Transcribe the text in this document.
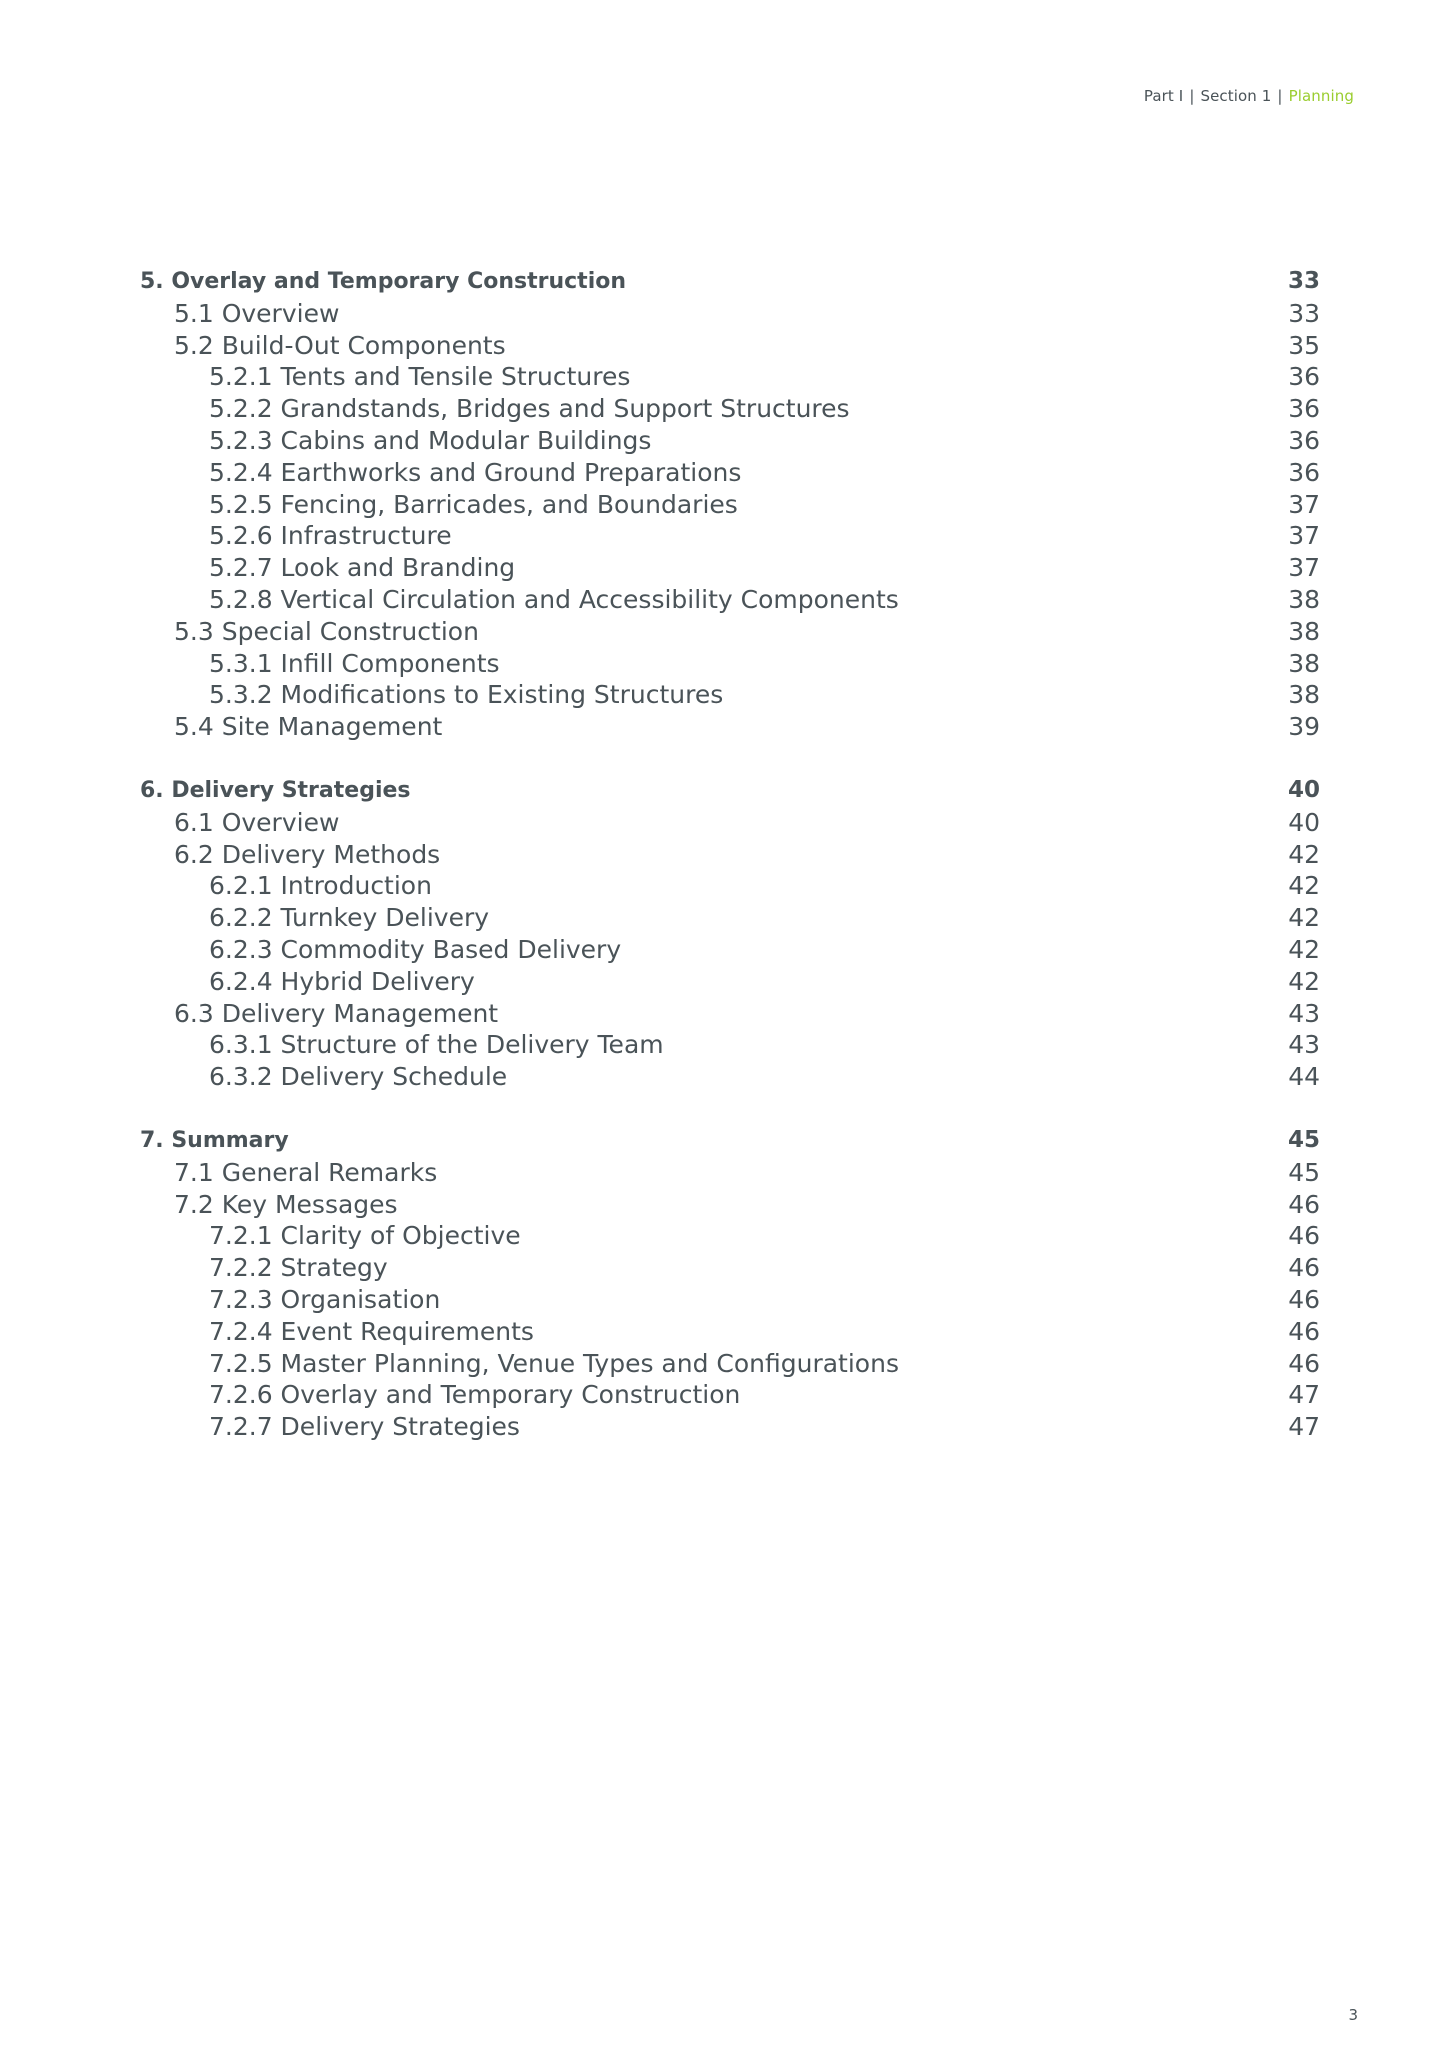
Part I | Section 1 | Planning
5. Overlay and Temporary Construction	33
5.1 Overview	33
5.2 Build-Out Components	35
5.2.1 Tents and Tensile Structures	36
5.2.2 Grandstands, Bridges and Support Structures	36
5.2.3 Cabins and Modular Buildings	36
5.2.4 Earthworks and Ground Preparations	36
5.2.5 Fencing, Barricades, and Boundaries	37
5.2.6 Infrastructure	37
5.2.7 Look and Branding	37
5.2.8 Vertical Circulation and Accessibility Components	38
5.3 Special Construction	38
5.3.1 Infill Components	38
5.3.2 Modifications to Existing Structures	38
5.4 Site Management	39
6. Delivery Strategies	40
6.1 Overview	40
6.2 Delivery Methods	42
6.2.1 Introduction	42
6.2.2 Turnkey Delivery	42
6.2.3 Commodity Based Delivery	42
6.2.4 Hybrid Delivery	42
6.3 Delivery Management	43
6.3.1 Structure of the Delivery Team	43
6.3.2 Delivery Schedule	44
7. Summary	45
7.1 General Remarks	45
7.2 Key Messages	46
7.2.1 Clarity of Objective	46
7.2.2 Strategy	46
7.2.3 Organisation	46
7.2.4 Event Requirements	46
7.2.5 Master Planning, Venue Types and Configurations	46
7.2.6 Overlay and Temporary Construction	47
7.2.7 Delivery Strategies	47
3
